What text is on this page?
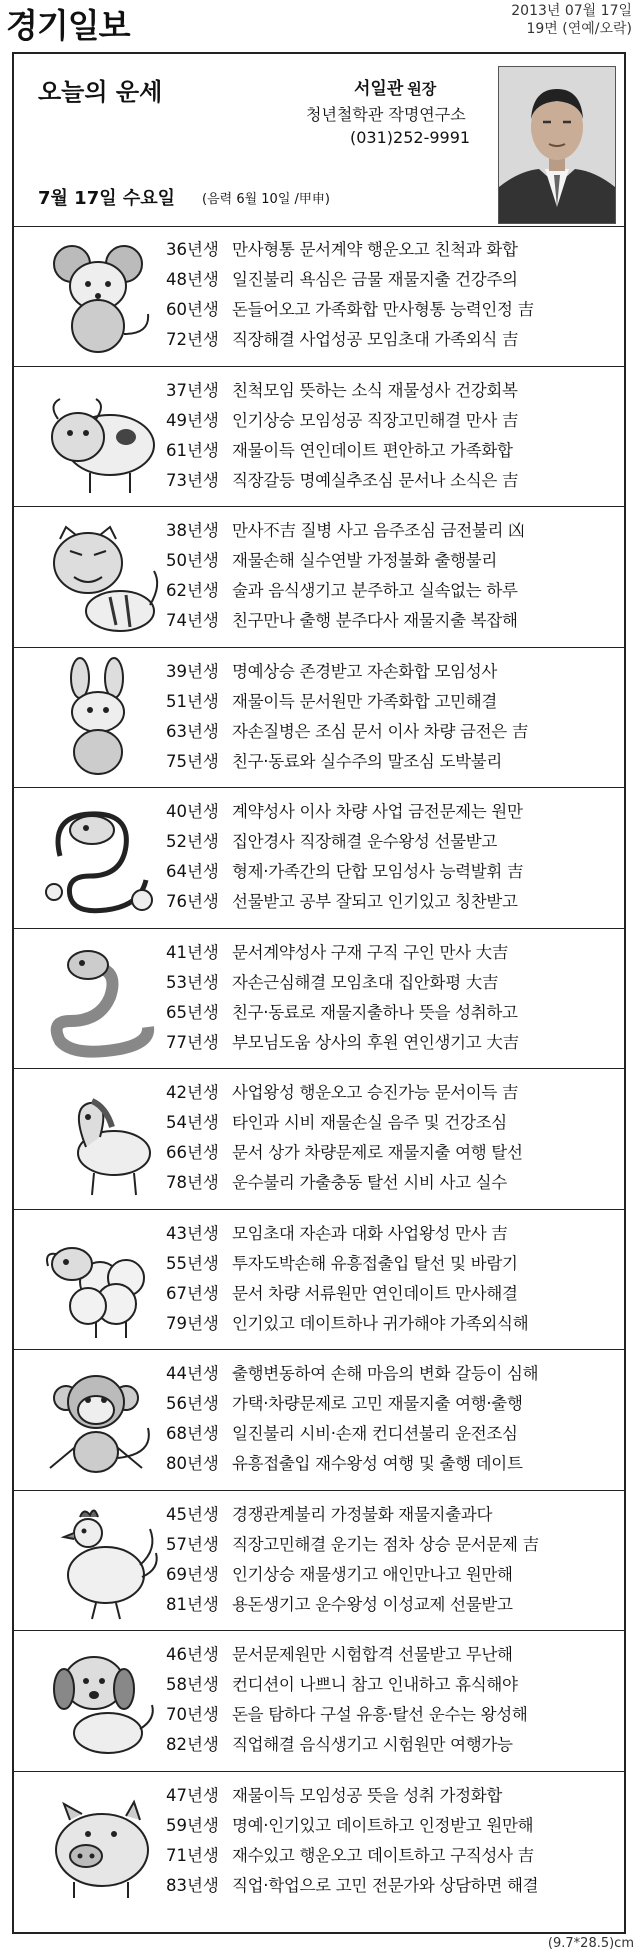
경기일보	2013년 07월 17일
19면 (연예/오락)
오늘의 운세	서일관 원장
청년철학관 작명연구소
(031)252-9991
7월 17일 수요일 (음력 6월 10일 /甲申)
36년생 만사형통 문서계약 행운오고 친척과 화합
48년생 일진불리 욕심은 금물 재물지출 건강주의
60년생 돈들어오고 가족화합 만사형통 능력인정 吉
72년생 직장해결 사업성공 모임초대 가족외식 吉
37년생 친척모임 뜻하는 소식 재물성사 건강회복
49년생 인기상승 모임성공 직장고민해결 만사 吉
61년생 재물이득 연인데이트 편안하고 가족화합
73년생 직장갈등 명예실추조심 문서나 소식은 吉
38년생 만사不吉 질병 사고 음주조심 금전불리 凶
50년생 재물손해 실수연발 가정불화 출행불리
62년생 술과 음식생기고 분주하고 실속없는 하루
74년생 친구만나 출행 분주다사 재물지출 복잡해
39년생 명예상승 존경받고 자손화합 모임성사
51년생 재물이득 문서원만 가족화합 고민해결
63년생 자손질병은 조심 문서 이사 차량 금전은 吉
75년생 친구·동료와 실수주의 말조심 도박불리
40년생 계약성사 이사 차량 사업 금전문제는 원만
52년생 집안경사 직장해결 운수왕성 선물받고
64년생 형제·가족간의 단합 모임성사 능력발휘 吉
76년생 선물받고 공부 잘되고 인기있고 칭찬받고
41년생 문서계약성사 구재 구직 구인 만사 大吉
53년생 자손근심해결 모임초대 집안화평 大吉
65년생 친구·동료로 재물지출하나 뜻을 성취하고
77년생 부모님도움 상사의 후원 연인생기고 大吉
42년생 사업왕성 행운오고 승진가능 문서이득 吉
54년생 타인과 시비 재물손실 음주 및 건강조심
66년생 문서 상가 차량문제로 재물지출 여행 탈선
78년생 운수불리 가출충동 탈선 시비 사고 실수
43년생 모임초대 자손과 대화 사업왕성 만사 吉
55년생 투자도박손해 유흥접출입 탈선 및 바람기
67년생 문서 차량 서류원만 연인데이트 만사해결
79년생 인기있고 데이트하나 귀가해야 가족외식해
44년생 출행변동하여 손해 마음의 변화 갈등이 심해
56년생 가택·차량문제로 고민 재물지출 여행·출행
68년생 일진불리 시비·손재 컨디션불리 운전조심
80년생 유흥접출입 재수왕성 여행 및 출행 데이트
45년생 경쟁관계불리 가정불화 재물지출과다
57년생 직장고민해결 운기는 점차 상승 문서문제 吉
69년생 인기상승 재물생기고 애인만나고 원만해
81년생 용돈생기고 운수왕성 이성교제 선물받고
46년생 문서문제원만 시험합격 선물받고 무난해
58년생 컨디션이 나쁘니 참고 인내하고 휴식해야
70년생 돈을 탐하다 구설 유흥·탈선 운수는 왕성해
82년생 직업해결 음식생기고 시험원만 여행가능
47년생 재물이득 모임성공 뜻을 성취 가정화합
59년생 명예·인기있고 데이트하고 인정받고 원만해
71년생 재수있고 행운오고 데이트하고 구직성사 吉
83년생 직업·학업으로 고민 전문가와 상담하면 해결
(9.7*28.5)cm
